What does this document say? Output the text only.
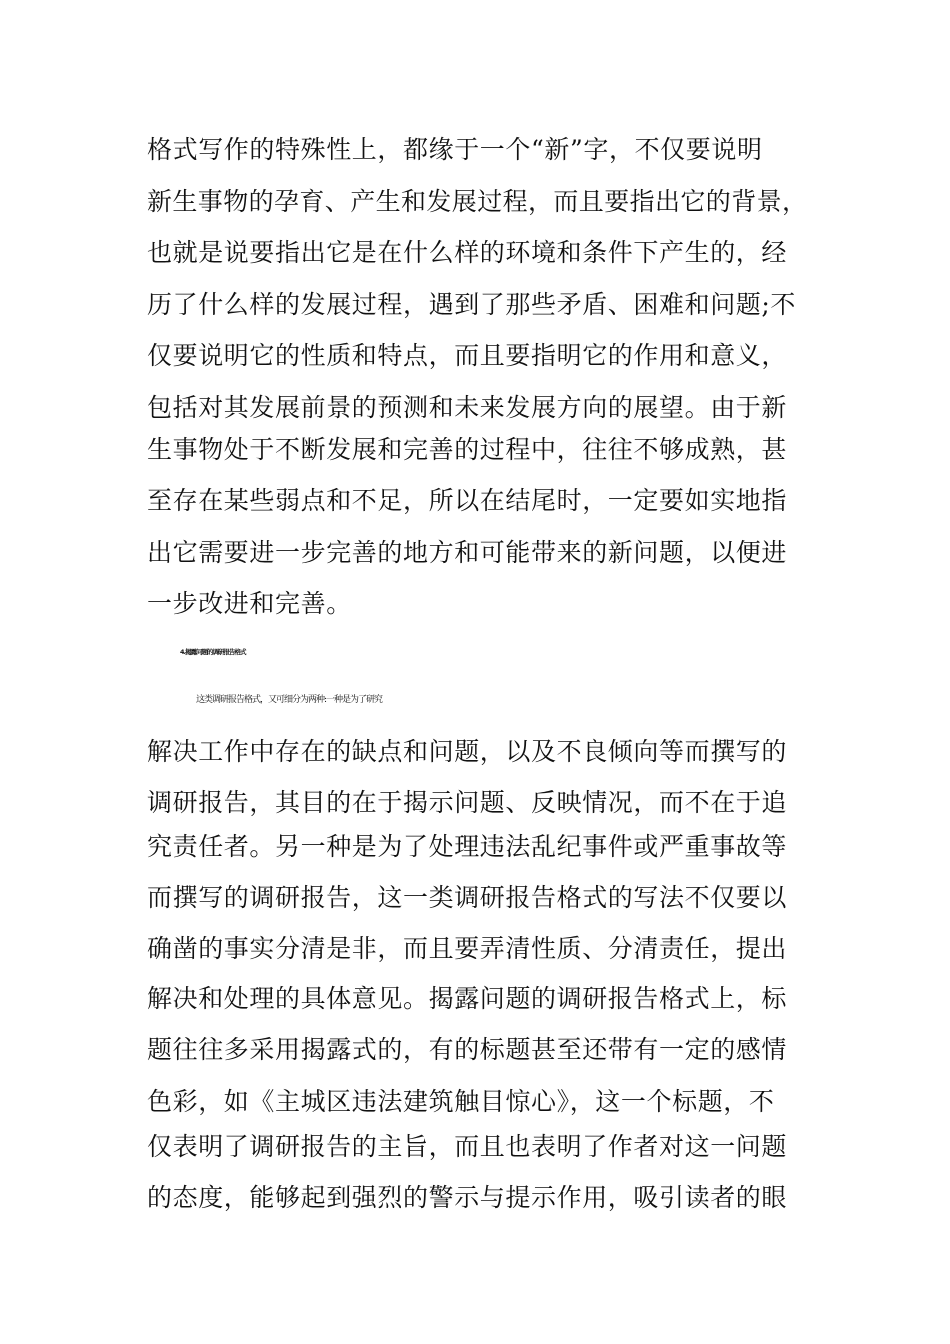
格式写作的特殊性上，都缘于一个“新”字，不仅要说明
新生事物的孕育、产生和发展过程，而且要指出它的背景，
也就是说要指出它是在什么样的环境和条件下产生的，经
历了什么样的发展过程，遇到了那些矛盾、困难和问题;不
仅要说明它的性质和特点，而且要指明它的作用和意义，
包括对其发展前景的预测和未来发展方向的展望。由于新
生事物处于不断发展和完善的过程中，往往不够成熟，甚
至存在某些弱点和不足，所以在结尾时，一定要如实地指
出它需要进一步完善的地方和可能带来的新问题，以便进
一步改进和完善。
4.揭露问题的调研报告格式
这类调研报告格式，又可细分为两种:一种是为了研究
解决工作中存在的缺点和问题，以及不良倾向等而撰写的
调研报告，其目的在于揭示问题、反映情况，而不在于追
究责任者。另一种是为了处理违法乱纪事件或严重事故等
而撰写的调研报告，这一类调研报告格式的写法不仅要以
确凿的事实分清是非，而且要弄清性质、分清责任，提出
解决和处理的具体意见。揭露问题的调研报告格式上，标
题往往多采用揭露式的，有的标题甚至还带有一定的感情
色彩，如《主城区违法建筑触目惊心》，这一个标题，不
仅表明了调研报告的主旨，而且也表明了作者对这一问题
的态度，能够起到强烈的警示与提示作用，吸引读者的眼
